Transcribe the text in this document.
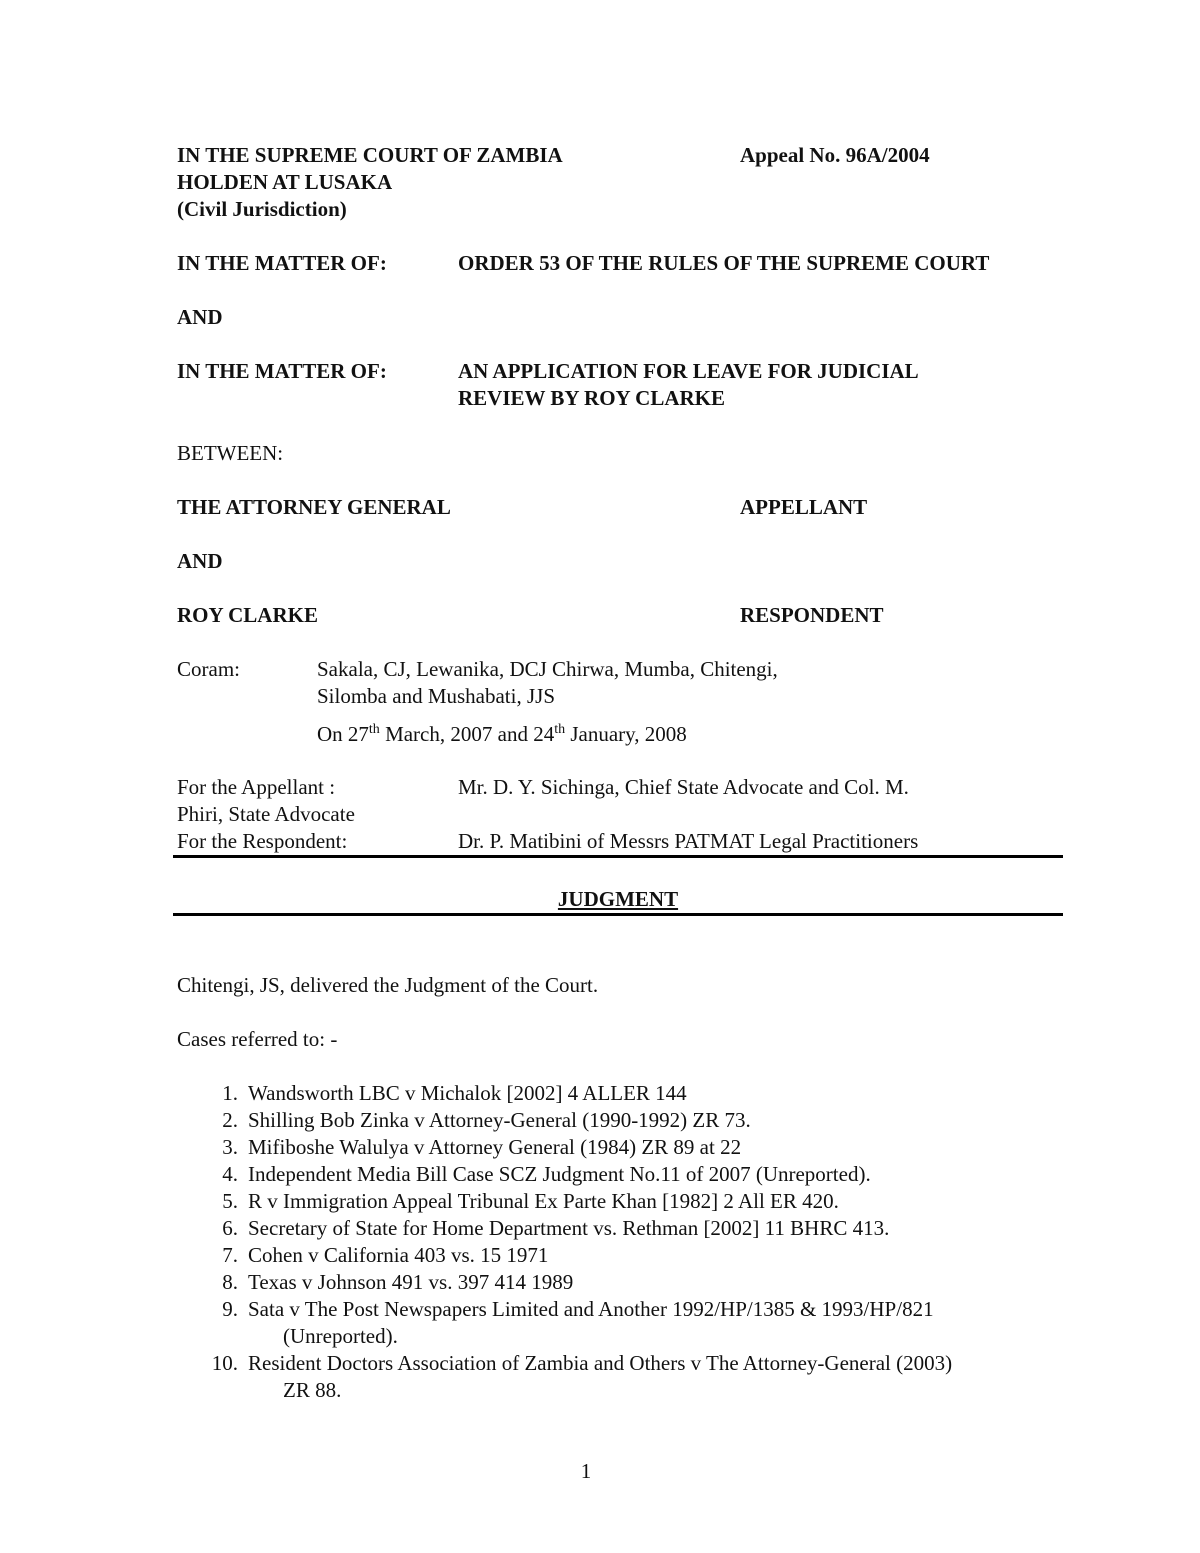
IN THE SUPREME COURT OF ZAMBIA	Appeal No. 96A/2004
HOLDEN AT LUSAKA
(Civil Jurisdiction)
IN THE MATTER OF:	ORDER 53 OF THE RULES OF THE SUPREME COURT
AND
IN THE MATTER OF:	AN APPLICATION FOR LEAVE FOR JUDICIAL
REVIEW BY ROY CLARKE
BETWEEN:
THE ATTORNEY GENERAL	APPELLANT
AND
ROY CLARKE	RESPONDENT
Coram:	Sakala, CJ, Lewanika, DCJ Chirwa, Mumba, Chitengi,
Silomba and Mushabati, JJS
On 27th March, 2007 and 24th January, 2008
For the Appellant :	Mr. D. Y. Sichinga, Chief State Advocate and Col. M.
Phiri, State Advocate
For the Respondent:	Dr. P. Matibini of Messrs PATMAT Legal Practitioners
JUDGMENT
Chitengi, JS, delivered the Judgment of the Court.
Cases referred to: -
1. Wandsworth LBC v Michalok [2002] 4 ALLER 144
2. Shilling Bob Zinka v Attorney-General (1990-1992) ZR 73.
3. Mifiboshe Walulya v Attorney General (1984) ZR 89 at 22
4. Independent Media Bill Case SCZ Judgment No.11 of 2007 (Unreported).
5. R v Immigration Appeal Tribunal Ex Parte Khan [1982] 2 All ER 420.
6. Secretary of State for Home Department vs. Rethman [2002] 11 BHRC 413.
7. Cohen v California 403 vs. 15 1971
8. Texas v Johnson 491 vs. 397 414 1989
9. Sata v The Post Newspapers Limited and Another 1992/HP/1385 & 1993/HP/821
(Unreported).
10. Resident Doctors Association of Zambia and Others v The Attorney-General (2003)
ZR 88.
1
